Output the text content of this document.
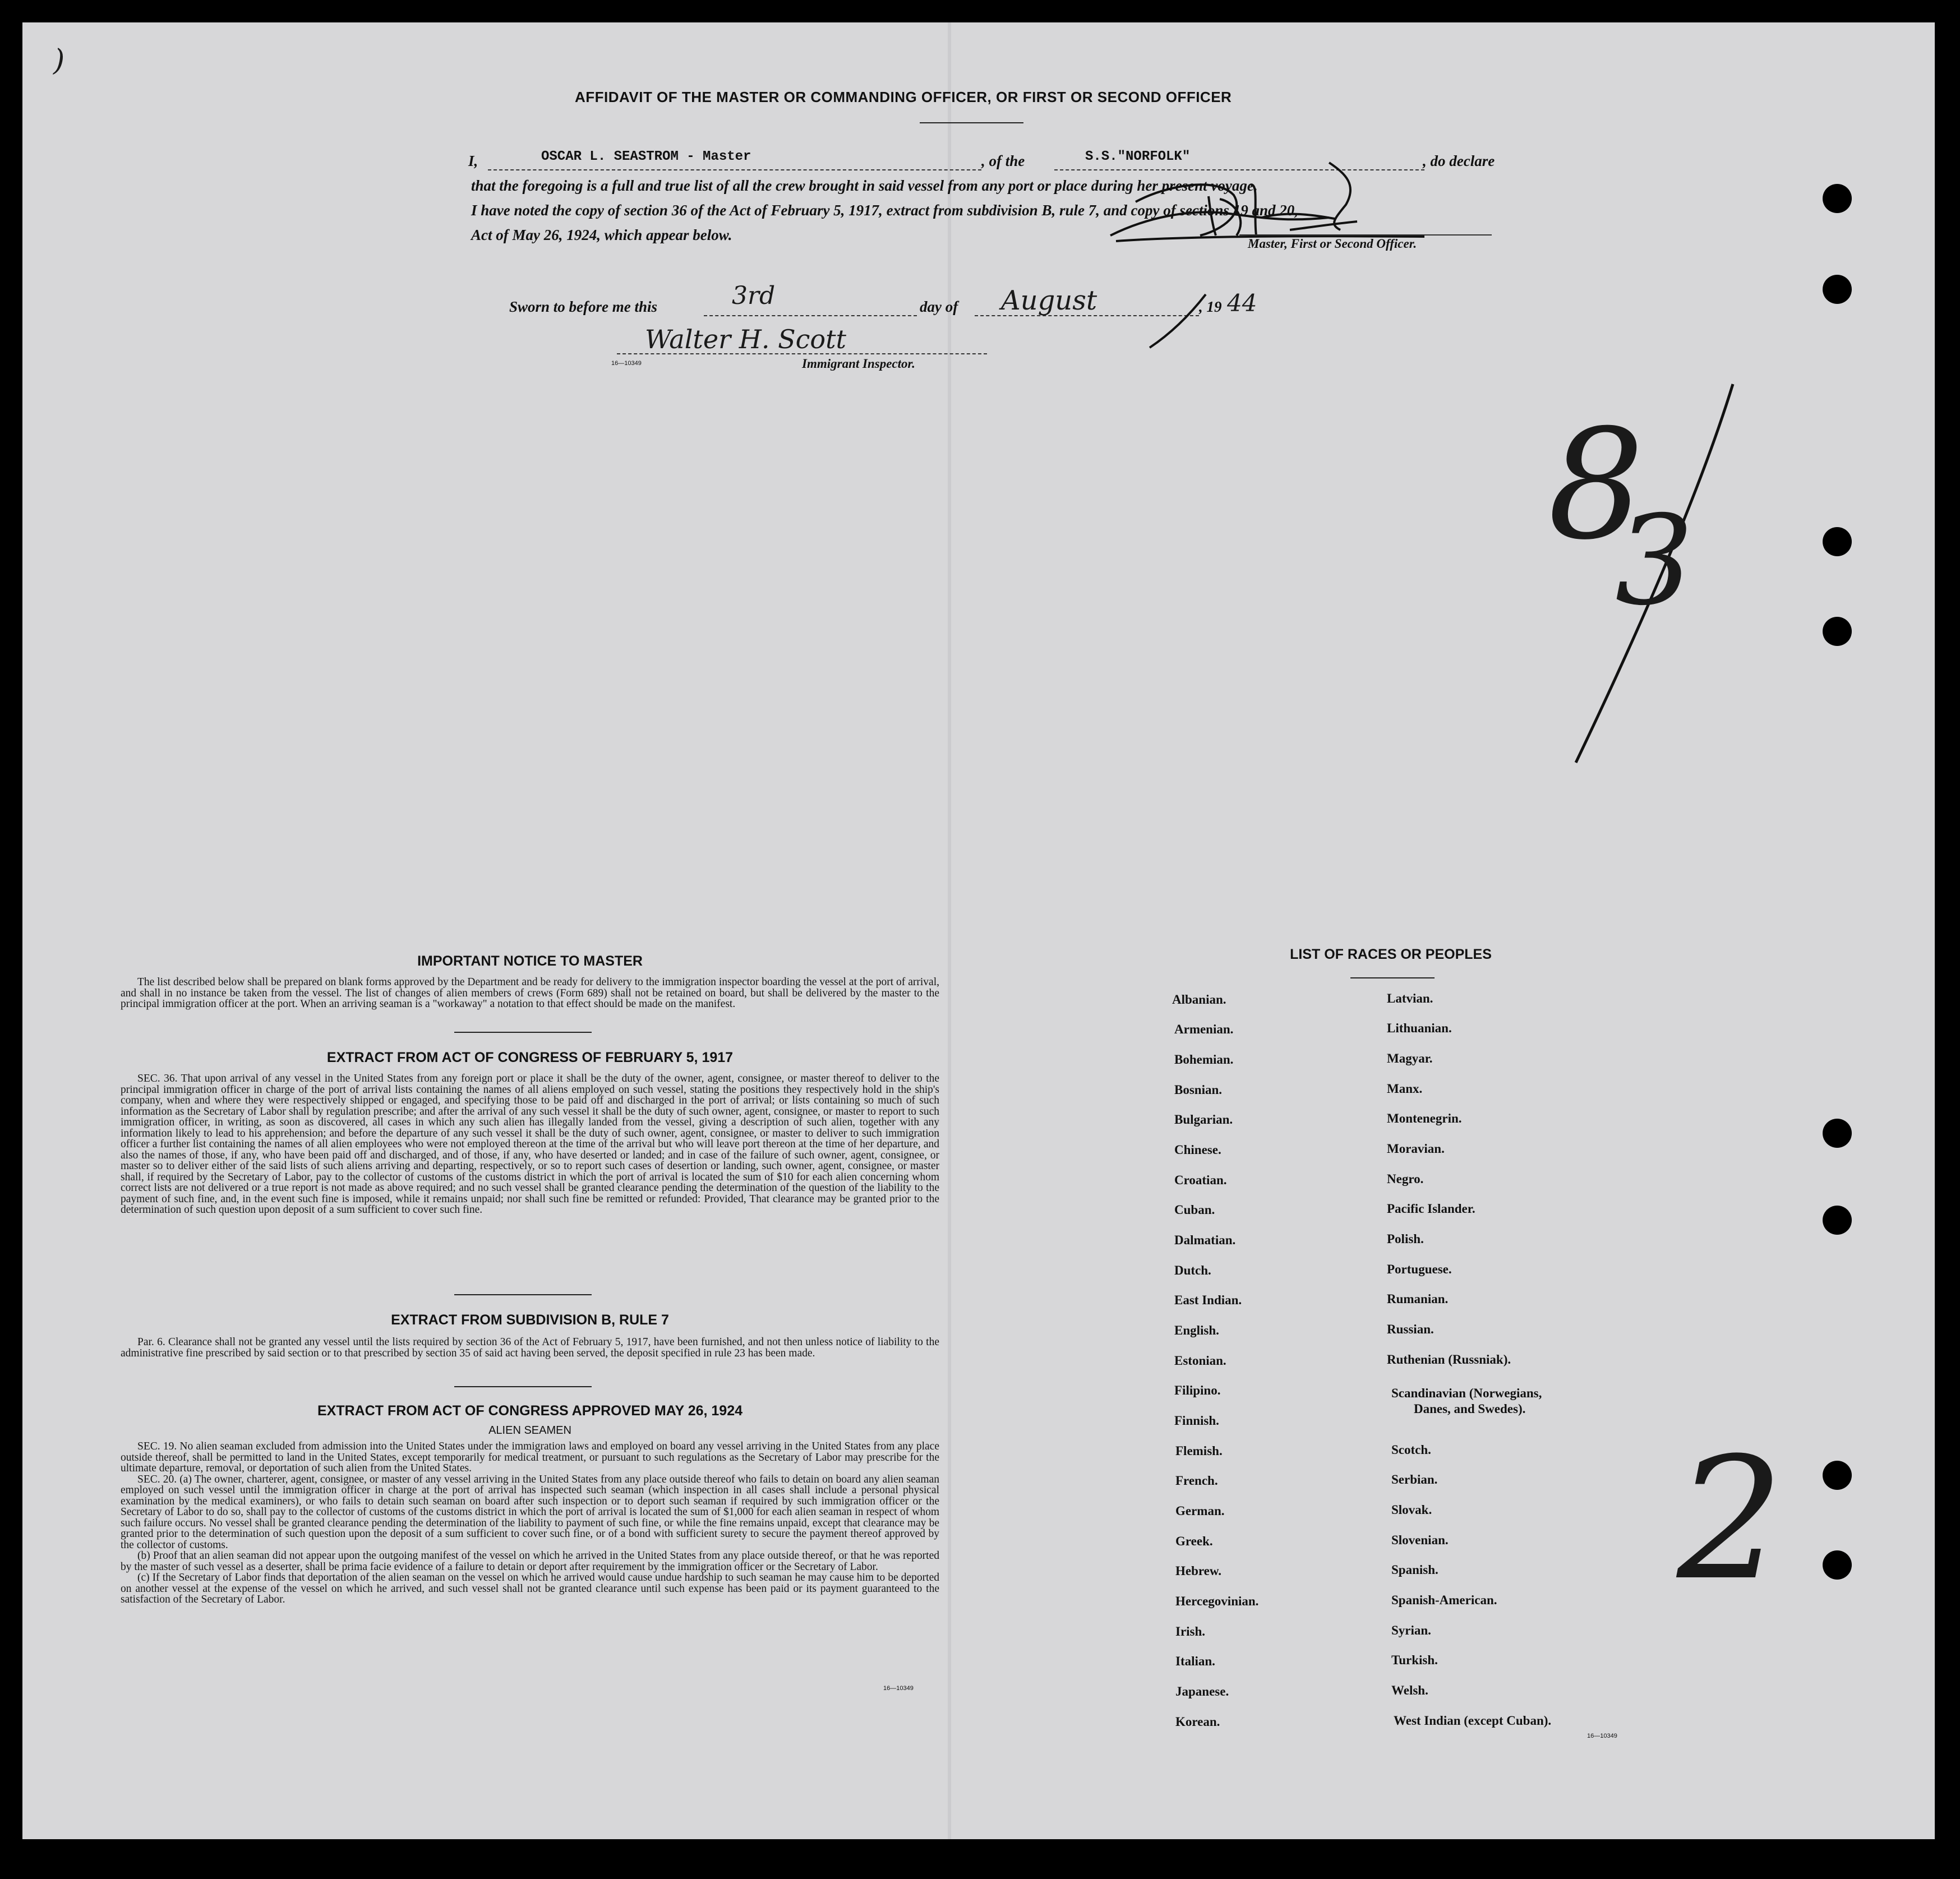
)
AFFIDAVIT OF THE MASTER OR COMMANDING OFFICER, OR FIRST OR SECOND OFFICER
I,	OSCAR L. SEASTROM - Master	, of the	S.S."NORFOLK"	, do declare
that the foregoing is a full and true list of all the crew brought in said vessel from any port or place during her present voyage.
I have noted the copy of section 36 of the Act of February 5, 1917, extract from subdivision B, rule 7, and copy of sections 19 and 20,
Act of May 26, 1924, which appear below.
Master, First or Second Officer.
Sworn to before me this	3rd	day of August	, 19 44
16—10349
Walter H. Scott
Immigrant Inspector.
8
3
2
IMPORTANT NOTICE TO MASTER

The list described below shall be prepared on blank forms approved by the Department and be ready for delivery to the immigration inspector boarding the vessel at the port of arrival, and shall in no instance be taken from the vessel. The list of changes of alien members of crews (Form 689) shall not be retained on board, but shall be delivered by the master to the principal immigration officer at the port. When an arriving seaman is a "workaway" a notation to that effect should be made on the manifest.

EXTRACT FROM ACT OF CONGRESS OF FEBRUARY 5, 1917

SEC. 36. That upon arrival of any vessel in the United States from any foreign port or place it shall be the duty of the owner, agent, consignee, or master thereof to deliver to the principal immigration officer in charge of the port of arrival lists containing the names of all aliens employed on such vessel, stating the positions they respectively hold in the ship's company, when and where they were respectively shipped or engaged, and specifying those to be paid off and discharged in the port of arrival; or lists containing so much of such information as the Secretary of Labor shall by regulation prescribe; and after the arrival of any such vessel it shall be the duty of such owner, agent, consignee, or master to report to such immigration officer, in writing, as soon as discovered, all cases in which any such alien has illegally landed from the vessel, giving a description of such alien, together with any information likely to lead to his apprehension; and before the departure of any such vessel it shall be the duty of such owner, agent, consignee, or master to deliver to such immigration officer a further list containing the names of all alien employees who were not employed thereon at the time of the arrival but who will leave port thereon at the time of her departure, and also the names of those, if any, who have been paid off and discharged, and of those, if any, who have deserted or landed; and in case of the failure of such owner, agent, consignee, or master so to deliver either of the said lists of such aliens arriving and departing, respectively, or so to report such cases of desertion or landing, such owner, agent, consignee, or master shall, if required by the Secretary of Labor, pay to the collector of customs of the customs district in which the port of arrival is located the sum of $10 for each alien concerning whom correct lists are not delivered or a true report is not made as above required; and no such vessel shall be granted clearance pending the determination of the question of the liability to the payment of such fine, and, in the event such fine is imposed, while it remains unpaid; nor shall such fine be remitted or refunded: Provided, That clearance may be granted prior to the determination of such question upon deposit of a sum sufficient to cover such fine.

EXTRACT FROM SUBDIVISION B, RULE 7

Par. 6. Clearance shall not be granted any vessel until the lists required by section 36 of the Act of February 5, 1917, have been furnished, and not then unless notice of liability to the administrative fine prescribed by said section or to that prescribed by section 35 of said act having been served, the deposit specified in rule 23 has been made.

EXTRACT FROM ACT OF CONGRESS APPROVED MAY 26, 1924
ALIEN SEAMEN

SEC. 19. No alien seaman excluded from admission into the United States under the immigration laws and employed on board any vessel arriving in the United States from any place outside thereof, shall be permitted to land in the United States, except temporarily for medical treatment, or pursuant to such regulations as the Secretary of Labor may prescribe for the ultimate departure, removal, or deportation of such alien from the United States.

SEC. 20. (a) The owner, charterer, agent, consignee, or master of any vessel arriving in the United States from any place outside thereof who fails to detain on board any alien seaman employed on such vessel until the immigration officer in charge at the port of arrival has inspected such seaman (which inspection in all cases shall include a personal physical examination by the medical examiners), or who fails to detain such seaman on board after such inspection or to deport such seaman if required by such immigration officer or the Secretary of Labor to do so, shall pay to the collector of customs of the customs district in which the port of arrival is located the sum of $1,000 for each alien seaman in respect of whom such failure occurs. No vessel shall be granted clearance pending the determination of the liability to payment of such fine, or while the fine remains unpaid, except that clearance may be granted prior to the determination of such question upon the deposit of a sum sufficient to cover such fine, or of a bond with sufficient surety to secure the payment thereof approved by the collector of customs.

(b) Proof that an alien seaman did not appear upon the outgoing manifest of the vessel on which he arrived in the United States from any place outside thereof, or that he was reported by the master of such vessel as a deserter, shall be prima facie evidence of a failure to detain or deport after requirement by the immigration officer or the Secretary of Labor.

(c) If the Secretary of Labor finds that deportation of the alien seaman on the vessel on which he arrived would cause undue hardship to such seaman he may cause him to be deported on another vessel at the expense of the vessel on which he arrived, and such vessel shall not be granted clearance until such expense has been paid or its payment guaranteed to the satisfaction of the Secretary of Labor.

16—10349
LIST OF RACES OR PEOPLES
Albanian.
Armenian.
Bohemian.
Bosnian.
Bulgarian.
Chinese.
Croatian.
Cuban.
Dalmatian.
Dutch.
East Indian.
English.
Estonian.
Filipino.
Finnish.
Flemish.
French.
German.
Greek.
Hebrew.
Hercegovinian.
Irish.
Italian.
Japanese.
Korean.
Latvian.
Lithuanian.
Magyar.
Manx.
Montenegrin.
Moravian.
Negro.
Pacific Islander.
Polish.
Portuguese.
Rumanian.
Russian.
Ruthenian (Russniak).
Scandinavian (Norwegians,
Danes, and Swedes).
Scotch.
Serbian.
Slovak.
Slovenian.
Spanish.
Spanish-American.
Syrian.
Turkish.
Welsh.
West Indian (except Cuban).
16—10349
